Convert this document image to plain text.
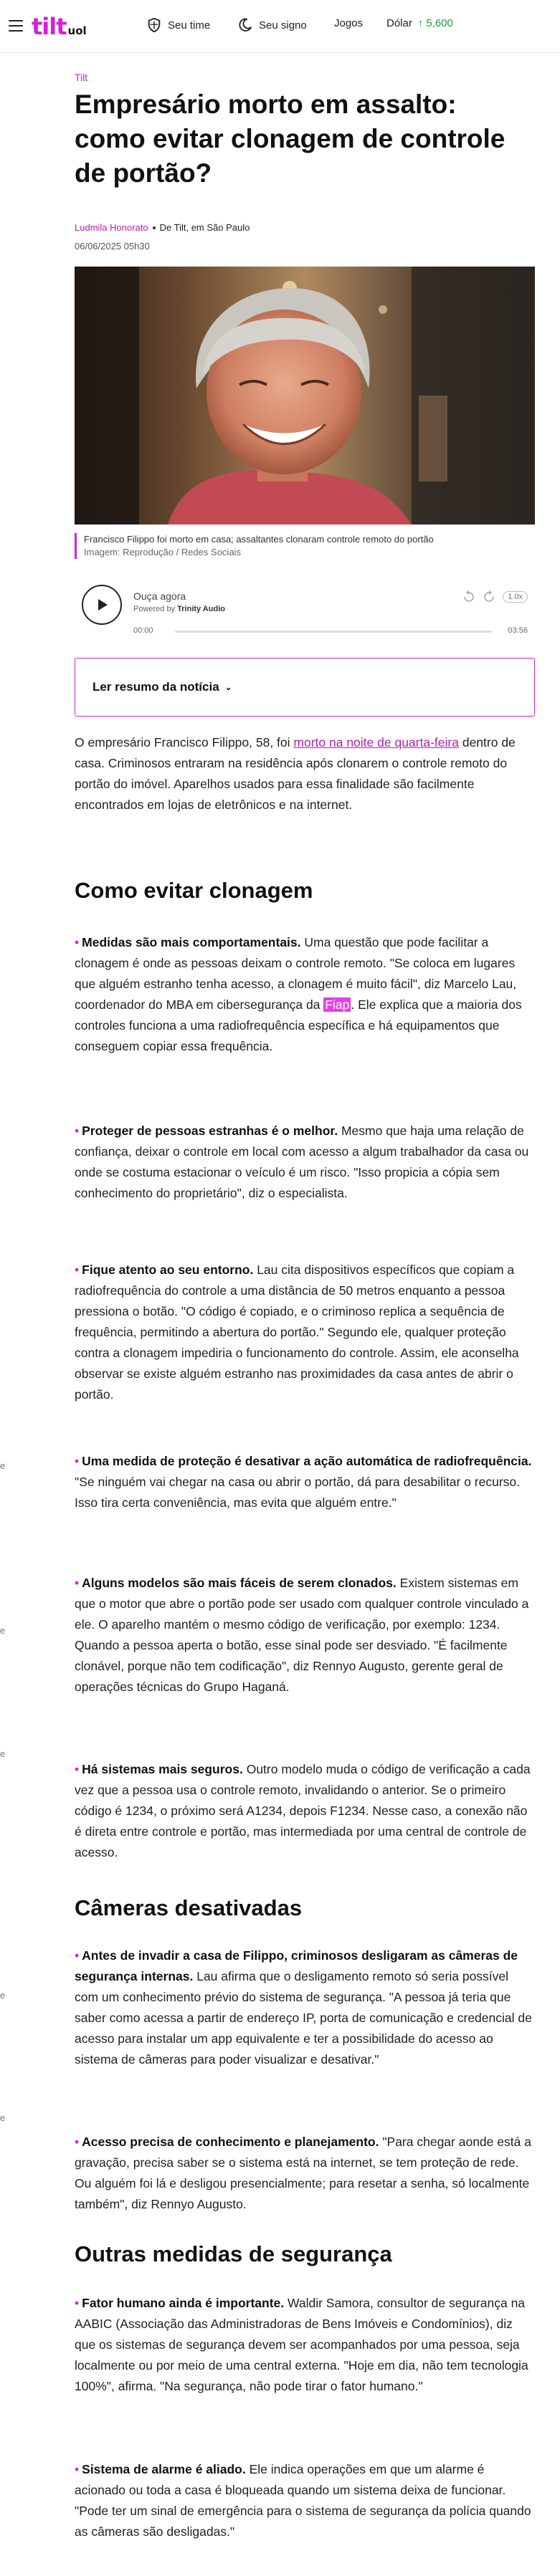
tilt uol	Seu time	Seu signo	Jogos Dólar ↑ 5,600
e
e
e
e
e
Tilt
Empresário morto em assalto: como evitar clonagem de controle de portão?
Ludmila Honorato De Tilt, em São Paulo
06/06/2025 05h30
Francisco Filippo foi morto em casa; assaltantes clonaram controle remoto do portão
Imagem: Reprodução / Redes Sociais
Ouça agora
Powered by Trinity Audio
1.0x
00:00	03:56
Ler resumo da notícia ⌄

O empresário Francisco Filippo, 58, foi morto na noite de quarta-feira dentro de casa. Criminosos entraram na residência após clonarem o controle remoto do portão do imóvel. Aparelhos usados para essa finalidade são facilmente encontrados em lojas de eletrônicos e na internet.

Como evitar clonagem

• Medidas são mais comportamentais. Uma questão que pode facilitar a clonagem é onde as pessoas deixam o controle remoto. "Se coloca em lugares que alguém estranho tenha acesso, a clonagem é muito fácil", diz Marcelo Lau, coordenador do MBA em cibersegurança da Fiap . Ele explica que a maioria dos controles funciona a uma radiofrequência específica e há equipamentos que conseguem copiar essa frequência.

• Proteger de pessoas estranhas é o melhor. Mesmo que haja uma relação de confiança, deixar o controle em local com acesso a algum trabalhador da casa ou onde se costuma estacionar o veículo é um risco. "Isso propicia a cópia sem conhecimento do proprietário", diz o especialista.

• Fique atento ao seu entorno. Lau cita dispositivos específicos que copiam a radiofrequência do controle a uma distância de 50 metros enquanto a pessoa pressiona o botão. "O código é copiado, e o criminoso replica a sequência de frequência, permitindo a abertura do portão." Segundo ele, qualquer proteção contra a clonagem impediria o funcionamento do controle. Assim, ele aconselha observar se existe alguém estranho nas proximidades da casa antes de abrir o portão.

• Uma medida de proteção é desativar a ação automática de radiofrequência. "Se ninguém vai chegar na casa ou abrir o portão, dá para desabilitar o recurso. Isso tira certa conveniência, mas evita que alguém entre."

• Alguns modelos são mais fáceis de serem clonados. Existem sistemas em que o motor que abre o portão pode ser usado com qualquer controle vinculado a ele. O aparelho mantém o mesmo código de verificação, por exemplo: 1234. Quando a pessoa aperta o botão, esse sinal pode ser desviado. "É facilmente clonável, porque não tem codificação", diz Rennyo Augusto, gerente geral de operações técnicas do Grupo Haganá.

• Há sistemas mais seguros. Outro modelo muda o código de verificação a cada vez que a pessoa usa o controle remoto, invalidando o anterior. Se o primeiro código é 1234, o próximo será A1234, depois F1234. Nesse caso, a conexão não é direta entre controle e portão, mas intermediada por uma central de controle de acesso.

Câmeras desativadas

• Antes de invadir a casa de Filippo, criminosos desligaram as câmeras de segurança internas. Lau afirma que o desligamento remoto só seria possível com um conhecimento prévio do sistema de segurança. "A pessoa já teria que saber como acessa a partir de endereço IP, porta de comunicação e credencial de acesso para instalar um app equivalente e ter a possibilidade do acesso ao sistema de câmeras para poder visualizar e desativar."

• Acesso precisa de conhecimento e planejamento. "Para chegar aonde está a gravação, precisa saber se o sistema está na internet, se tem proteção de rede. Ou alguém foi lá e desligou presencialmente; para resetar a senha, só localmente também", diz Rennyo Augusto.

Outras medidas de segurança

• Fator humano ainda é importante. Waldir Samora, consultor de segurança na AABIC (Associação das Administradoras de Bens Imóveis e Condomínios), diz que os sistemas de segurança devem ser acompanhados por uma pessoa, seja localmente ou por meio de uma central externa. "Hoje em dia, não tem tecnologia 100%", afirma. "Na segurança, não pode tirar o fator humano."

• Sistema de alarme é aliado. Ele indica operações em que um alarme é acionado ou toda a casa é bloqueada quando um sistema deixa de funcionar. "Pode ter um sinal de emergência para o sistema de segurança da polícia quando as câmeras são desligadas."
